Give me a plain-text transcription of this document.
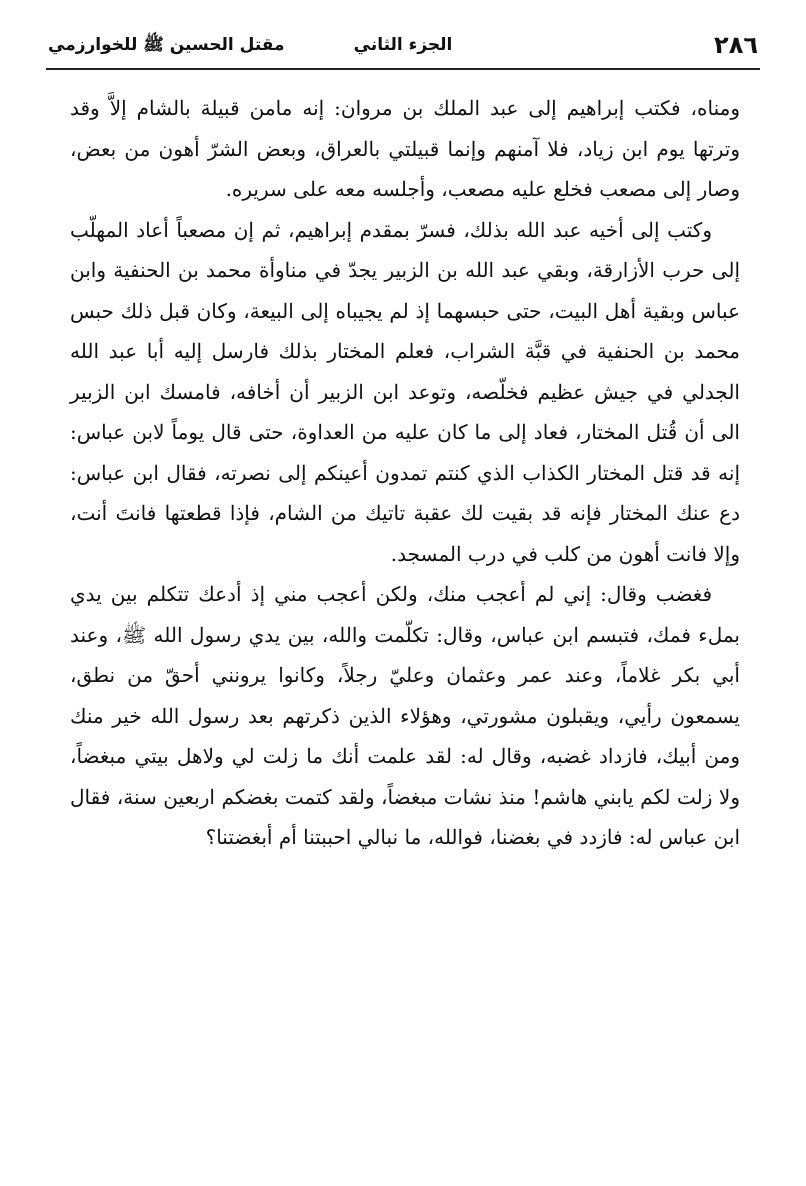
٢٨٦
الجزء الثاني
مقتل الحسين ﷺ للخوارزمي

ومناه، فكتب إبراهيم إلى عبد الملك بن مروان: إنه مامن قبيلة بالشام إلاَّ وقد وترتها يوم ابن زياد، فلا آمنهم وإنما قبيلتي بالعراق، وبعض الشرّ أهون من بعض، وصار إلى مصعب فخلع عليه مصعب، وأجلسه معه على سريره.

وكتب إلى أخيه عبد الله بذلك، فسرّ بمقدم إبراهيم، ثم إن مصعباً أعاد المهلّب إلى حرب الأزارقة، وبقي عبد الله بن الزبير يجدّ في مناوأة محمد بن الحنفية وابن عباس وبقية أهل البيت، حتى حبسهما إذ لم يجيباه إلى البيعة، وكان قبل ذلك حبس محمد بن الحنفية في قبَّة الشراب، فعلم المختار بذلك فارسل إليه أبا عبد الله الجدلي في جيش عظيم فخلّصه، وتوعد ابن الزبير أن أخافه، فامسك ابن الزبير الى أن قُتل المختار، فعاد إلى ما كان عليه من العداوة، حتى قال يوماً لابن عباس: إنه قد قتل المختار الكذاب الذي كنتم تمدون أعينكم إلى نصرته، فقال ابن عباس: دع عنك المختار فإنه قد بقيت لك عقبة تاتيك من الشام، فإذا قطعتها فانتَ أنت، وإلا فانت أهون من كلب في درب المسجد.

فغضب وقال: إني لم أعجب منك، ولكن أعجب مني إذ أدعك تتكلم بين يدي بملء فمك، فتبسم ابن عباس، وقال: تكلّمت والله، بين يدي رسول الله ﷺ، وعند أبي بكر غلاماً، وعند عمر وعثمان وعليّ رجلاً، وكانوا يرونني أحقّ من نطق، يسمعون رأيي، ويقبلون مشورتي، وهؤلاء الذين ذكرتهم بعد رسول الله خير منك ومن أبيك، فازداد غضبه، وقال له: لقد علمت أنك ما زلت لي ولاهل بيتي مبغضاً، ولا زلت لكم يابني هاشم! منذ نشات مبغضاً، ولقد كتمت بغضكم اربعين سنة، فقال ابن عباس له: فازدد في بغضنا، فوالله، ما نبالي احببتنا أم أبغضتنا؟
